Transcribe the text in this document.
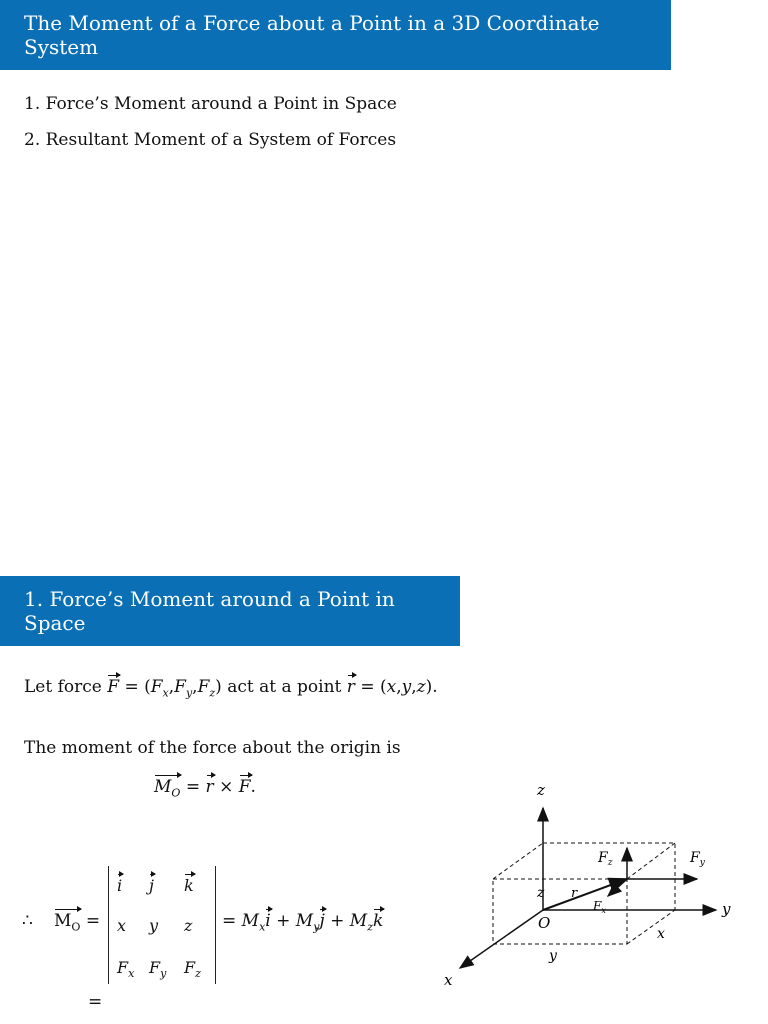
The Moment of a Force about a Point in a 3D Coordinate System
1. Force’s Moment around a Point in Space
2. Resultant Moment of a System of Forces
1. Force’s Moment around a Point in Space
Let force $F = (F_x,F_y,F_z)$ act at a point r = (x,y,z).
The moment of the force about the origin is
$M_O = r \times F$.
∴ $M_O$ =
i j k
x y z
$F_x$ $F_y$ $F_z$
= $M_xi + M_yj + M_zk$
=
z
y
x
O
$F_z$	$F_y$
$F_x$
r
z
y
x
